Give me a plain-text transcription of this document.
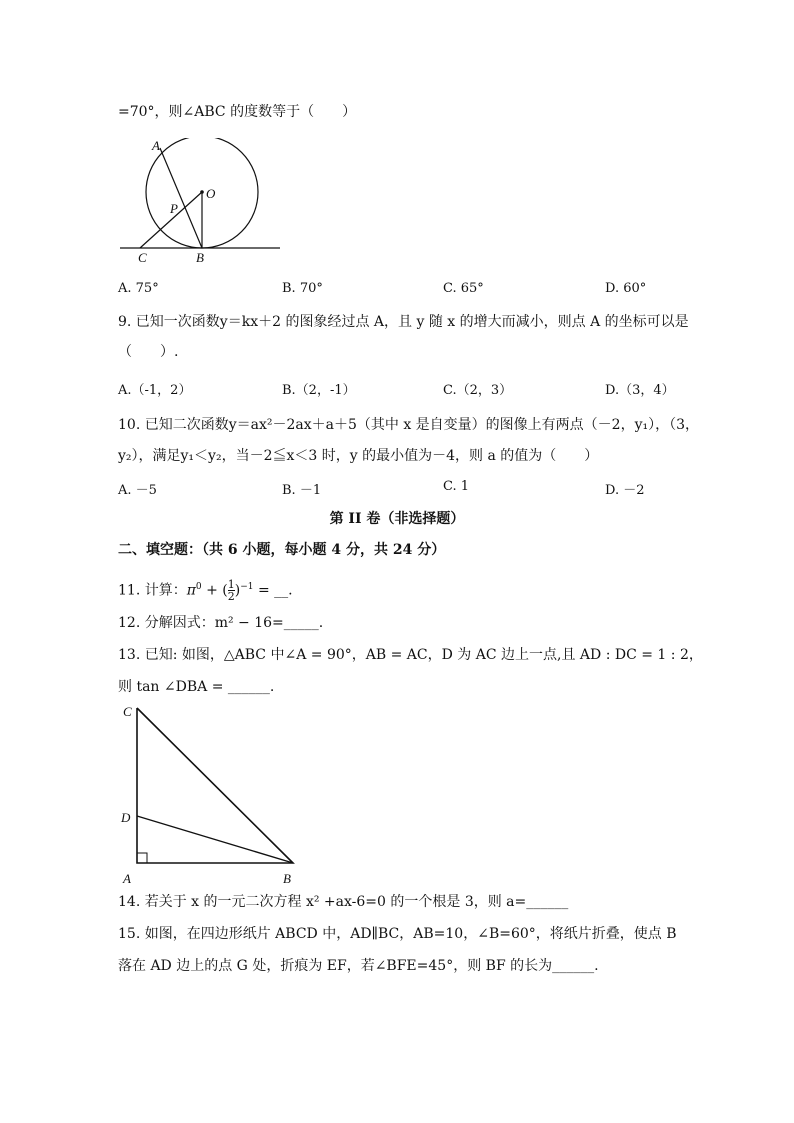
=70°，则∠ABC 的度数等于（　　）
A
O
P
C	B
A. 75°	B. 70°	C. 65°	D. 60°
9. 已知一次函数y＝kx＋2 的图象经过点 A，且 y 随 x 的增大而减小，则点 A 的坐标可以是
（　　）.
A.（-1，2）	B.（2，-1）	C.（2，3）	D.（3，4）
10. 已知二次函数y＝ax²－2ax＋a＋5（其中 x 是自变量）的图像上有两点（－2，y₁），（3，
y₂），满足y₁＜y₂，当－2≦x＜3 时，y 的最小值为－4，则 a 的值为（　　）
A. －5	B. －1	C. 1	D. －2
第 II 卷（非选择题）
二、填空题：（共 6 小题，每小题 4 分，共 24 分）
11. 计算：$\pi^0$ + ( $\frac{1}{2} )^{-1}$ = __.
12. 分解因式：m² − 16=_____.
13. 已知: 如图，△ABC 中∠A = 90°，AB = AC，D 为 AC 边上一点,且 AD : DC = 1 : 2，
则 tan ∠DBA = ______.
C
D
A	B
14. 若关于 x 的一元二次方程 x² +ax-6=0 的一个根是 3，则 a=______
15. 如图，在四边形纸片 ABCD 中，AD∥BC，AB=10，∠B=60°，将纸片折叠，使点 B
落在 AD 边上的点 G 处，折痕为 EF，若∠BFE=45°，则 BF 的长为______.
